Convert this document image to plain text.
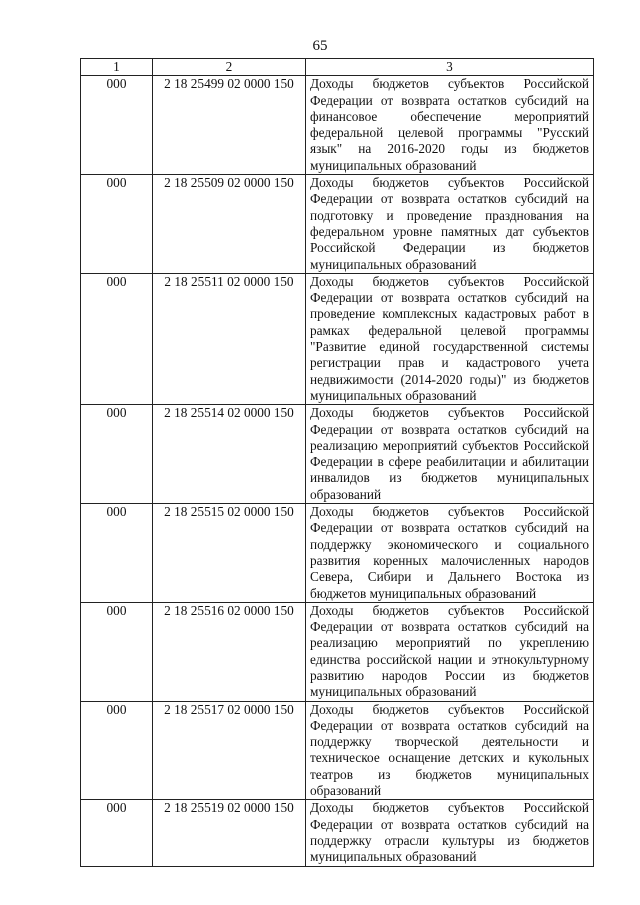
65
1	2	3
000	2 18 25499 02 0000 150	Доходы бюджетов субъектов Российской Федерации от возврата остатков субсидий на финансовое обеспечение мероприятий федеральной целевой программы "Русский язык" на 2016-2020 годы из бюджетов муниципальных образований
000	2 18 25509 02 0000 150	Доходы бюджетов субъектов Российской Федерации от возврата остатков субсидий на подготовку и проведение празднования на федеральном уровне памятных дат субъектов Российской Федерации из бюджетов муниципальных образований
000	2 18 25511 02 0000 150	Доходы бюджетов субъектов Российской Федерации от возврата остатков субсидий на проведение комплексных кадастровых работ в рамках федеральной целевой программы "Развитие единой государственной системы регистрации прав и кадастрового учета недвижимости (2014-2020 годы)" из бюджетов муниципальных образований
000	2 18 25514 02 0000 150	Доходы бюджетов субъектов Российской Федерации от возврата остатков субсидий на реализацию мероприятий субъектов Российской Федерации в сфере реабилитации и абилитации инвалидов из бюджетов муниципальных образований
000	2 18 25515 02 0000 150	Доходы бюджетов субъектов Российской Федерации от возврата остатков субсидий на поддержку экономического и социального развития коренных малочисленных народов Севера, Сибири и Дальнего Востока из бюджетов муниципальных образований
000	2 18 25516 02 0000 150	Доходы бюджетов субъектов Российской Федерации от возврата остатков субсидий на реализацию мероприятий по укреплению единства российской нации и этнокультурному развитию народов России из бюджетов муниципальных образований
000	2 18 25517 02 0000 150	Доходы бюджетов субъектов Российской Федерации от возврата остатков субсидий на поддержку творческой деятельности и техническое оснащение детских и кукольных театров из бюджетов муниципальных образований
000	2 18 25519 02 0000 150	Доходы бюджетов субъектов Российской Федерации от возврата остатков субсидий на поддержку отрасли культуры из бюджетов муниципальных образований
